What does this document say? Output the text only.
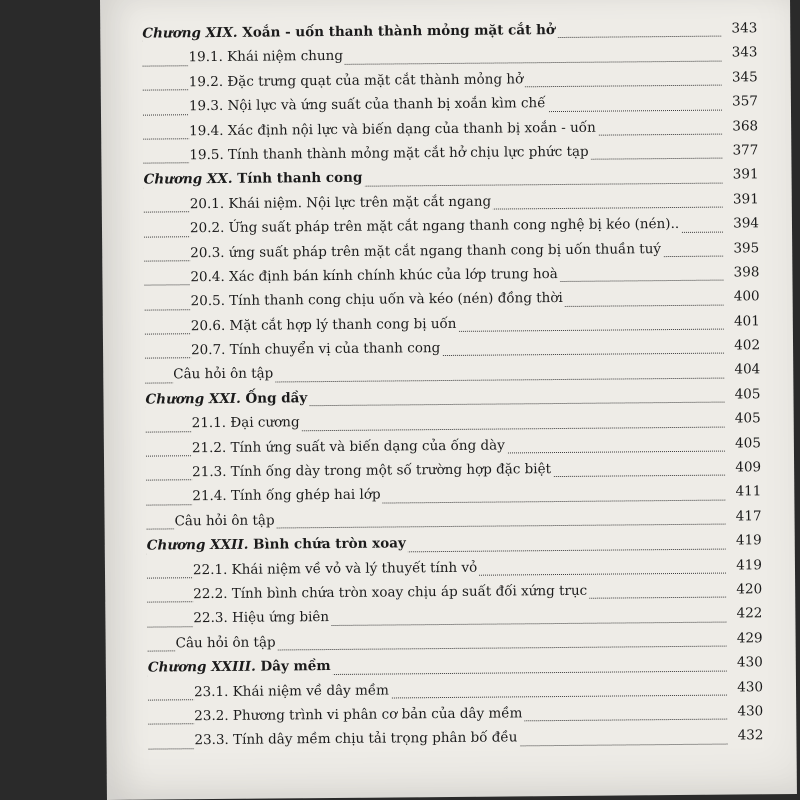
Chương XIX. Xoắn - uốn thanh thành mỏng mặt cắt hở	343
19.1. Khái niệm chung	343
19.2. Đặc trưng quạt của mặt cắt thành mỏng hở	345
19.3. Nội lực và ứng suất của thanh bị xoắn kìm chế	357
19.4. Xác định nội lực và biến dạng của thanh bị xoắn - uốn	368
19.5. Tính thanh thành mỏng mặt cắt hở chịu lực phức tạp	377
Chương XX. Tính thanh cong	391
20.1. Khái niệm. Nội lực trên mặt cắt ngang	391
20.2. Ứng suất pháp trên mặt cắt ngang thanh cong nghệ bị kéo (nén)..	394
20.3. ứng suất pháp trên mặt cắt ngang thanh cong bị uốn thuần tuý	395
20.4. Xác định bán kính chính khúc của lớp trung hoà	398
20.5. Tính thanh cong chịu uốn và kéo (nén) đồng thời	400
20.6. Mặt cắt hợp lý thanh cong bị uốn	401
20.7. Tính chuyển vị của thanh cong	402
Câu hỏi ôn tập	404
Chương XXI. Ống dầy	405
21.1. Đại cương	405
21.2. Tính ứng suất và biến dạng của ống dày	405
21.3. Tính ống dày trong một số trường hợp đặc biệt	409
21.4. Tính ống ghép hai lớp	411
Câu hỏi ôn tập	417
Chương XXII. Bình chứa tròn xoay	419
22.1. Khái niệm về vỏ và lý thuyết tính vỏ	419
22.2. Tính bình chứa tròn xoay chịu áp suất đối xứng trục	420
22.3. Hiệu ứng biên	422
Câu hỏi ôn tập	429
Chương XXIII. Dây mềm	430
23.1. Khái niệm về dây mềm	430
23.2. Phương trình vi phân cơ bản của dây mềm	430
23.3. Tính dây mềm chịu tải trọng phân bố đều	432
